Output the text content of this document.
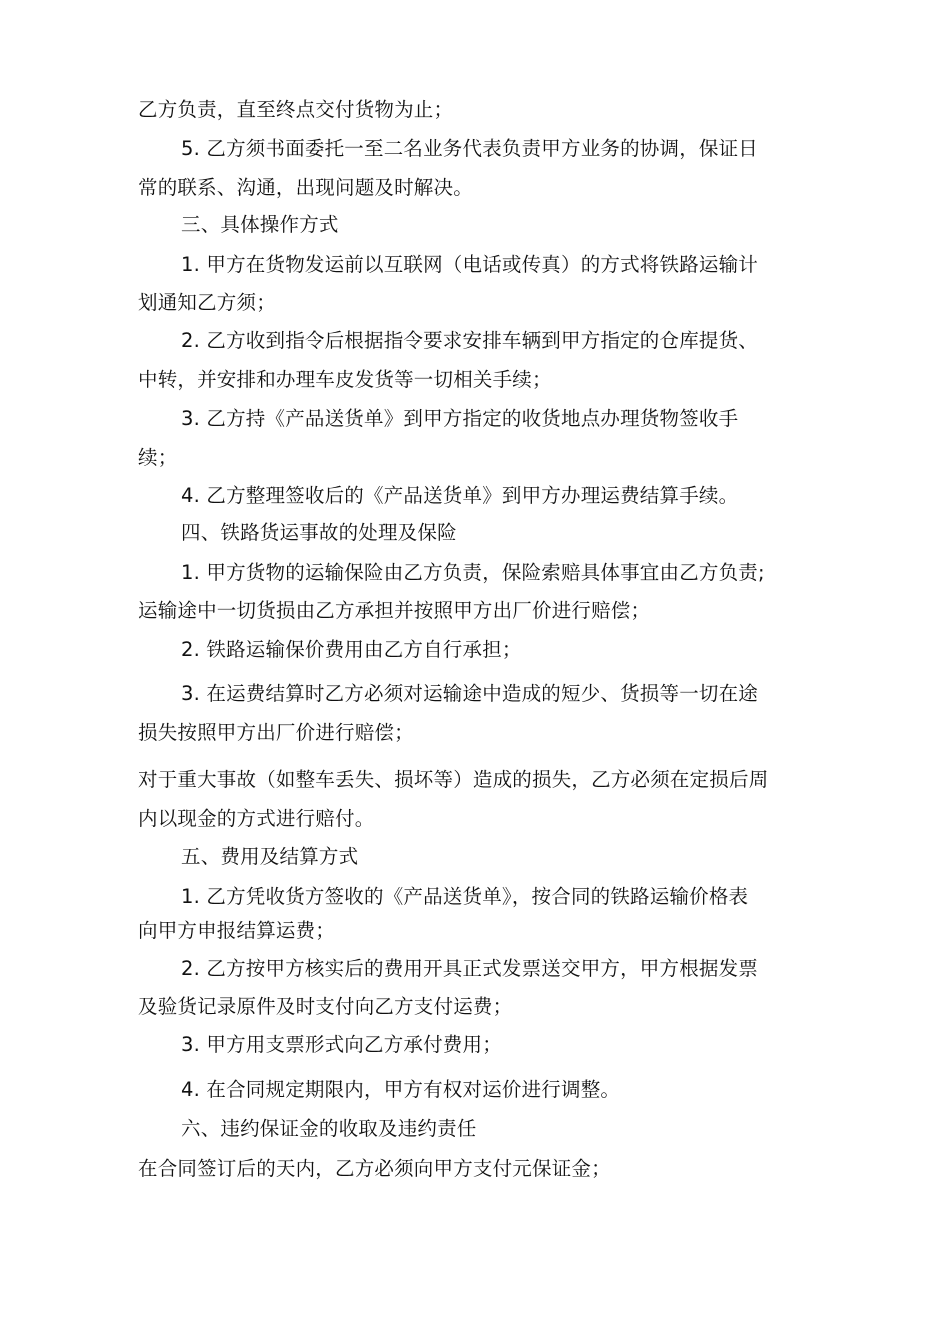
乙方负责，直至终点交付货物为止；
5. 乙方须书面委托一至二名业务代表负责甲方业务的协调，保证日
常的联系、沟通，出现问题及时解决。
三、具体操作方式
1. 甲方在货物发运前以互联网（电话或传真）的方式将铁路运输计
划通知乙方须；
2. 乙方收到指令后根据指令要求安排车辆到甲方指定的仓库提货、
中转，并安排和办理车皮发货等一切相关手续；
3. 乙方持《产品送货单》到甲方指定的收货地点办理货物签收手
续；
4. 乙方整理签收后的《产品送货单》到甲方办理运费结算手续。
四、铁路货运事故的处理及保险
1. 甲方货物的运输保险由乙方负责，保险索赔具体事宜由乙方负责;
运输途中一切货损由乙方承担并按照甲方出厂价进行赔偿；
2. 铁路运输保价费用由乙方自行承担；
3. 在运费结算时乙方必须对运输途中造成的短少、货损等一切在途
损失按照甲方出厂价进行赔偿；
对于重大事故（如整车丢失、损坏等）造成的损失，乙方必须在定损后周
内以现金的方式进行赔付。
五、费用及结算方式
1. 乙方凭收货方签收的《产品送货单》，按合同的铁路运输价格表
向甲方申报结算运费；
2. 乙方按甲方核实后的费用开具正式发票送交甲方，甲方根据发票
及验货记录原件及时支付向乙方支付运费；
3. 甲方用支票形式向乙方承付费用；
4. 在合同规定期限内，甲方有权对运价进行调整。
六、违约保证金的收取及违约责任
在合同签订后的天内，乙方必须向甲方支付元保证金；
